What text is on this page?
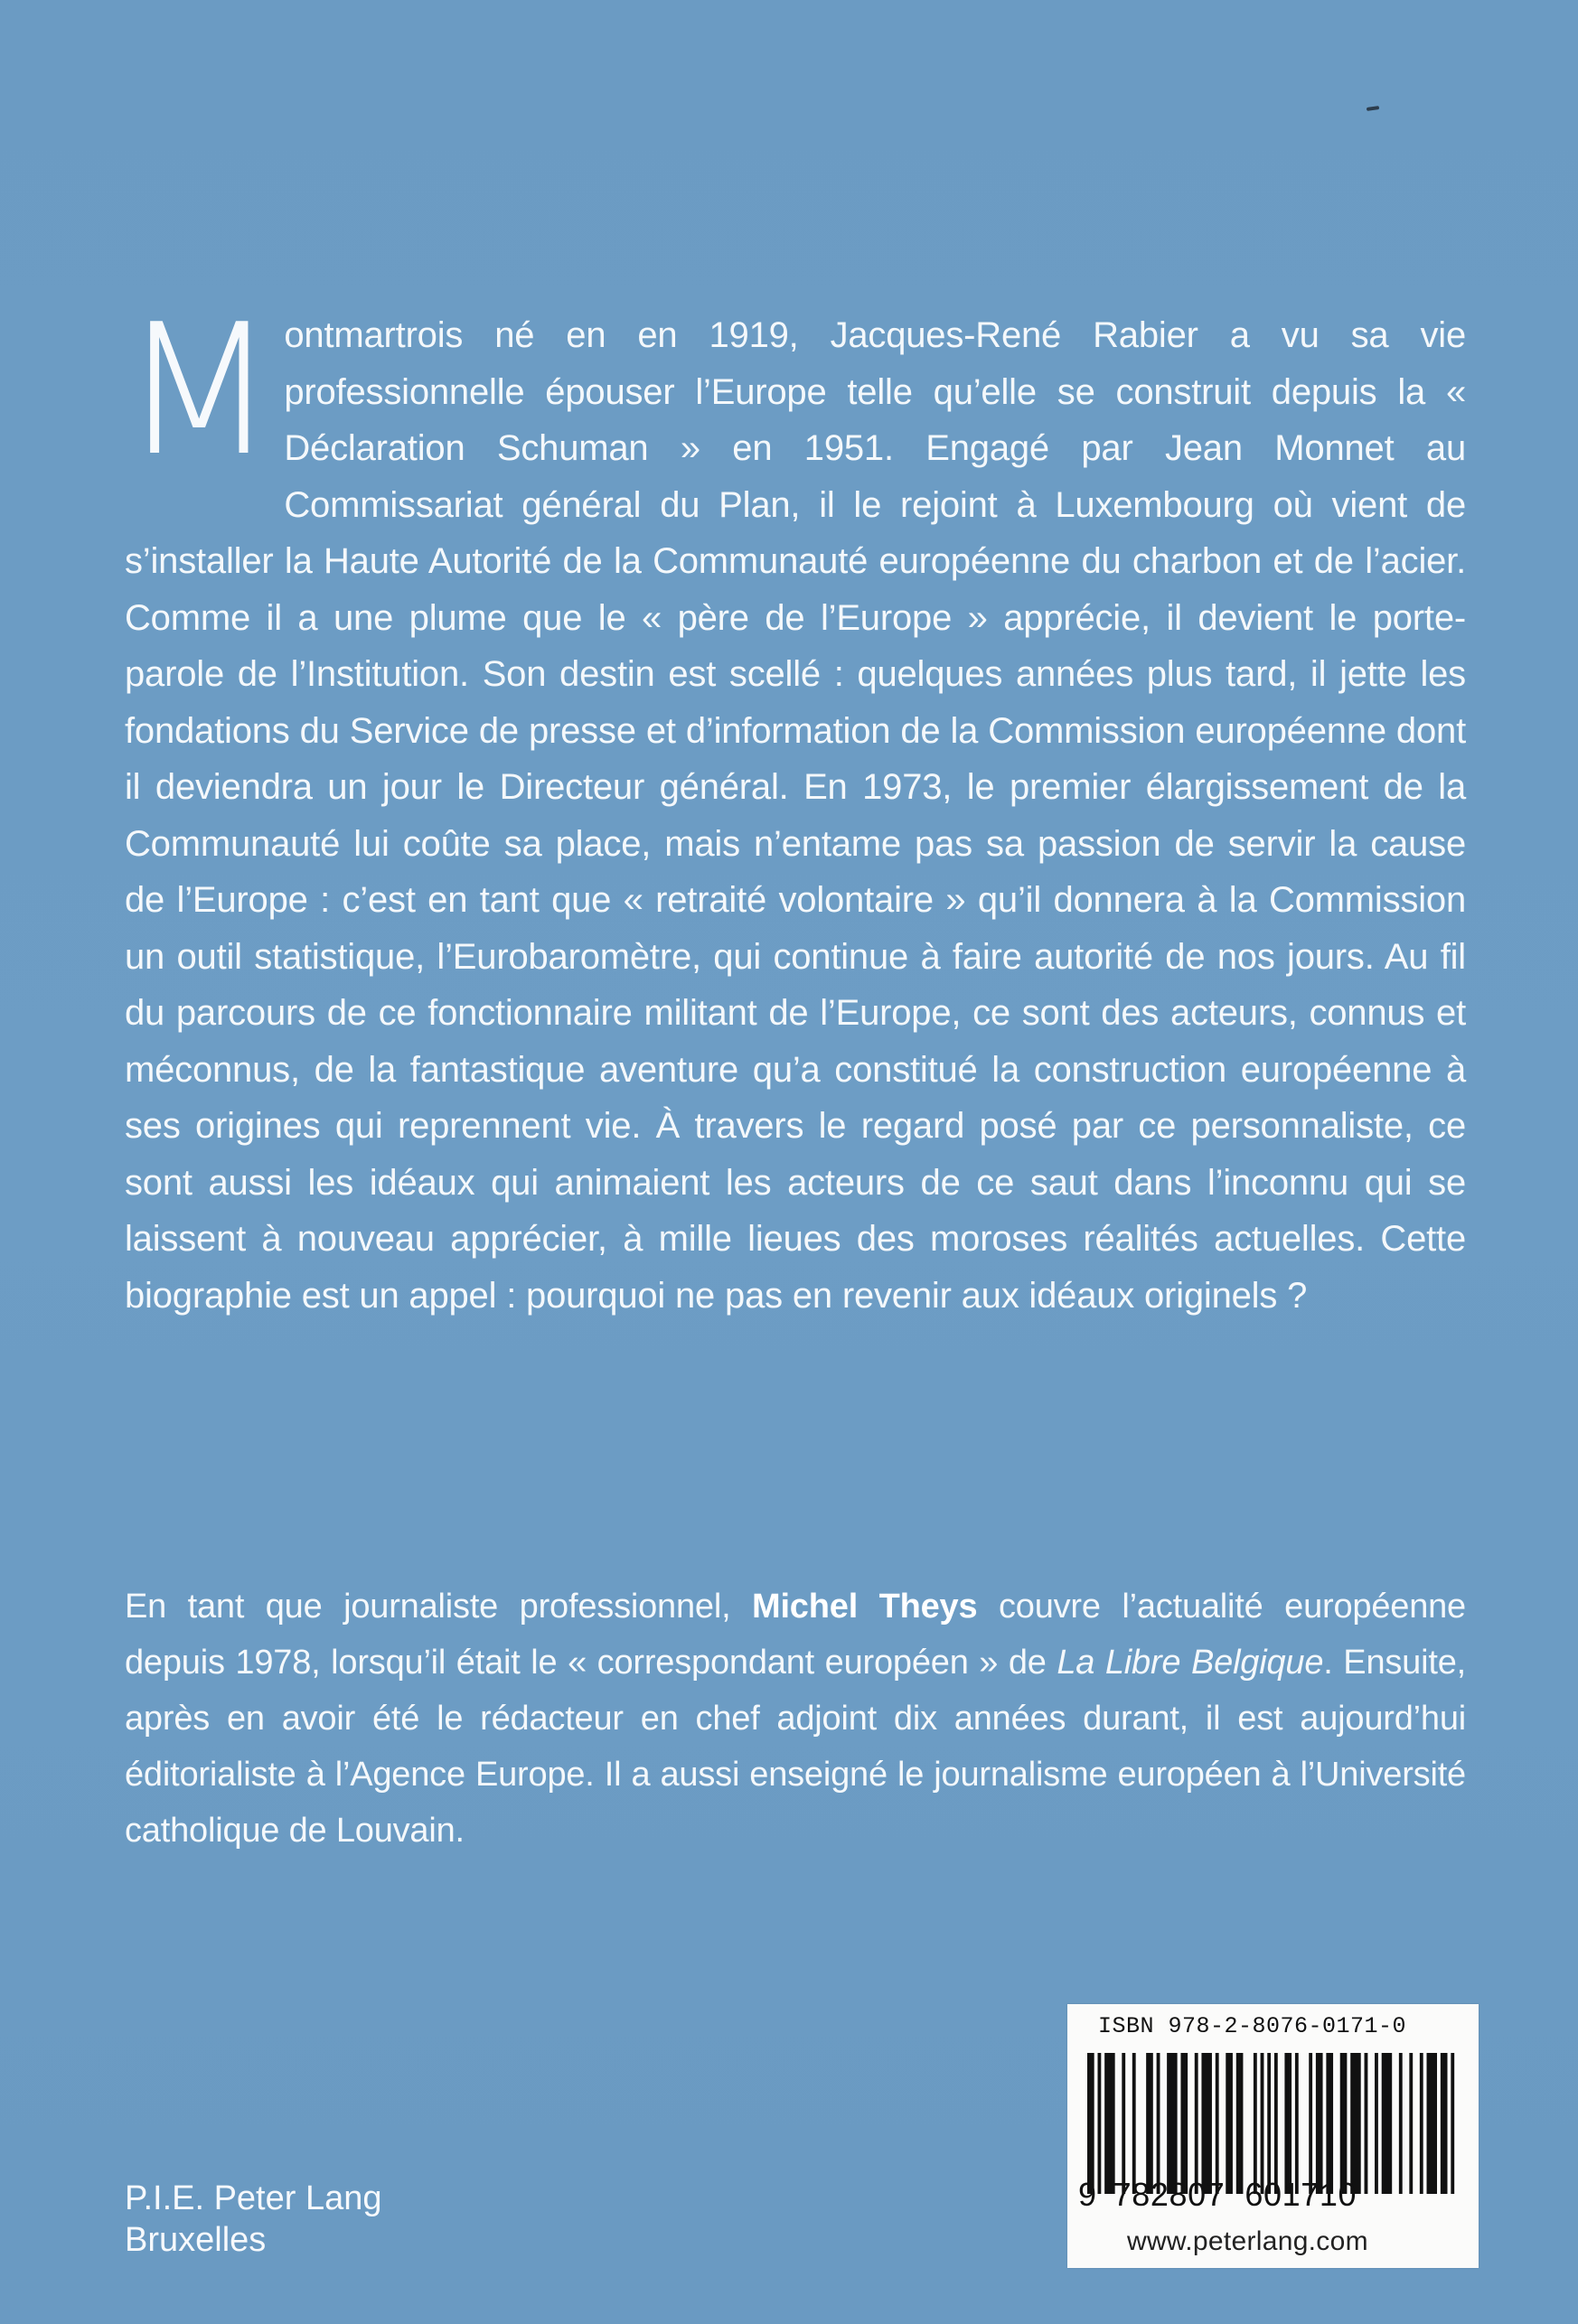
M ontmartrois né en en 1919, Jacques-René Rabier a vu sa vie professionnelle épouser l’Europe telle qu’elle se construit depuis la « Déclaration Schuman » en 1951. Engagé par Jean Monnet au Commissariat général du Plan, il le rejoint à Luxembourg où vient de s’installer la Haute Autorité de la Communauté européenne du charbon et de l’acier. Comme il a une plume que le « père de l’Europe » apprécie, il devient le porte-parole de l’Institution. Son destin est scellé : quelques années plus tard, il jette les fondations du Service de presse et d’information de la Commission européenne dont il deviendra un jour le Directeur général. En 1973, le premier élargissement de la Communauté lui coûte sa place, mais n’entame pas sa passion de servir la cause de l’Europe : c’est en tant que « retraité volontaire » qu’il donnera à la Commission un outil statistique, l’Eurobaromètre, qui continue à faire autorité de nos jours. Au fil du parcours de ce fonctionnaire militant de l’Europe, ce sont des acteurs, connus et méconnus, de la fantastique aventure qu’a constitué la construction européenne à ses origines qui reprennent vie. À travers le regard posé par ce personnaliste, ce sont aussi les idéaux qui animaient les acteurs de ce saut dans l’inconnu qui se laissent à nouveau apprécier, à mille lieues des moroses réalités actuelles. Cette biographie est un appel : pourquoi ne pas en revenir aux idéaux originels ?
En tant que journaliste professionnel, Michel Theys couvre l’actualité européenne depuis 1978, lorsqu’il était le « correspondant européen » de La Libre Belgique. Ensuite, après en avoir été le rédacteur en chef adjoint dix années durant, il est aujourd’hui éditorialiste à l’Agence Europe. Il a aussi enseigné le journalisme européen à l’Université catholique de Louvain.
P.I.E. Peter Lang
Bruxelles
ISBN 978-2-8076-0171-0
9 782807 601710
www.peterlang.com
